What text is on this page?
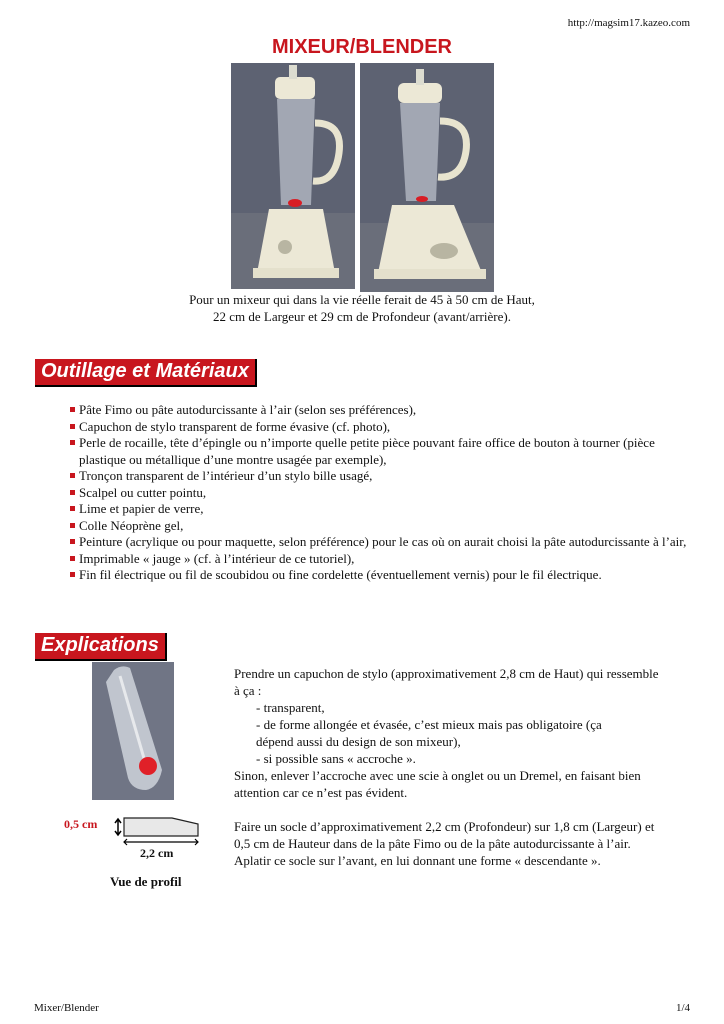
http://magsim17.kazeo.com
MIXEUR/BLENDER
Pour un mixeur qui dans la vie réelle ferait de 45 à 50 cm de Haut,
22 cm de Largeur et 29 cm de Profondeur (avant/arrière).
Outillage et Matériaux
Pâte Fimo ou pâte autodurcissante à l’air (selon ses préférences),
Capuchon de stylo transparent de forme évasive (cf. photo),
Perle de rocaille, tête d’épingle ou n’importe quelle petite pièce pouvant faire office de bouton à tourner (pièce plastique ou métallique d’une montre usagée par exemple),
Tronçon transparent de l’intérieur d’un stylo bille usagé,
Scalpel ou cutter pointu,
Lime et papier de verre,
Colle Néoprène gel,
Peinture (acrylique ou pour maquette, selon préférence) pour le cas où on aurait choisi la pâte autodurcissante à l’air,
Imprimable « jauge » (cf. à l’intérieur de ce tutoriel),
Fin fil électrique ou fil de scoubidou ou fine cordelette (éventuellement vernis) pour le fil électrique.
Explications
0,5 cm
2,2 cm
Vue de profil

Prendre un capuchon de stylo (approximativement 2,8 cm de Haut) qui ressemble à ça :

- transparent,

- de forme allongée et évasée, c’est mieux mais pas obligatoire (ça

dépend aussi du design de son mixeur),

- si possible sans « accroche ».

Sinon, enlever l’accroche avec une scie à onglet ou un Dremel, en faisant bien attention car ce n’est pas évident.

Faire un socle d’approximativement 2,2 cm (Profondeur) sur 1,8 cm (Largeur) et 0,5 cm de Hauteur dans de la pâte Fimo ou de la pâte autodurcissante à l’air.

Aplatir ce socle sur l’avant, en lui donnant une forme « descendante ».

Mixer/Blender	1/4
